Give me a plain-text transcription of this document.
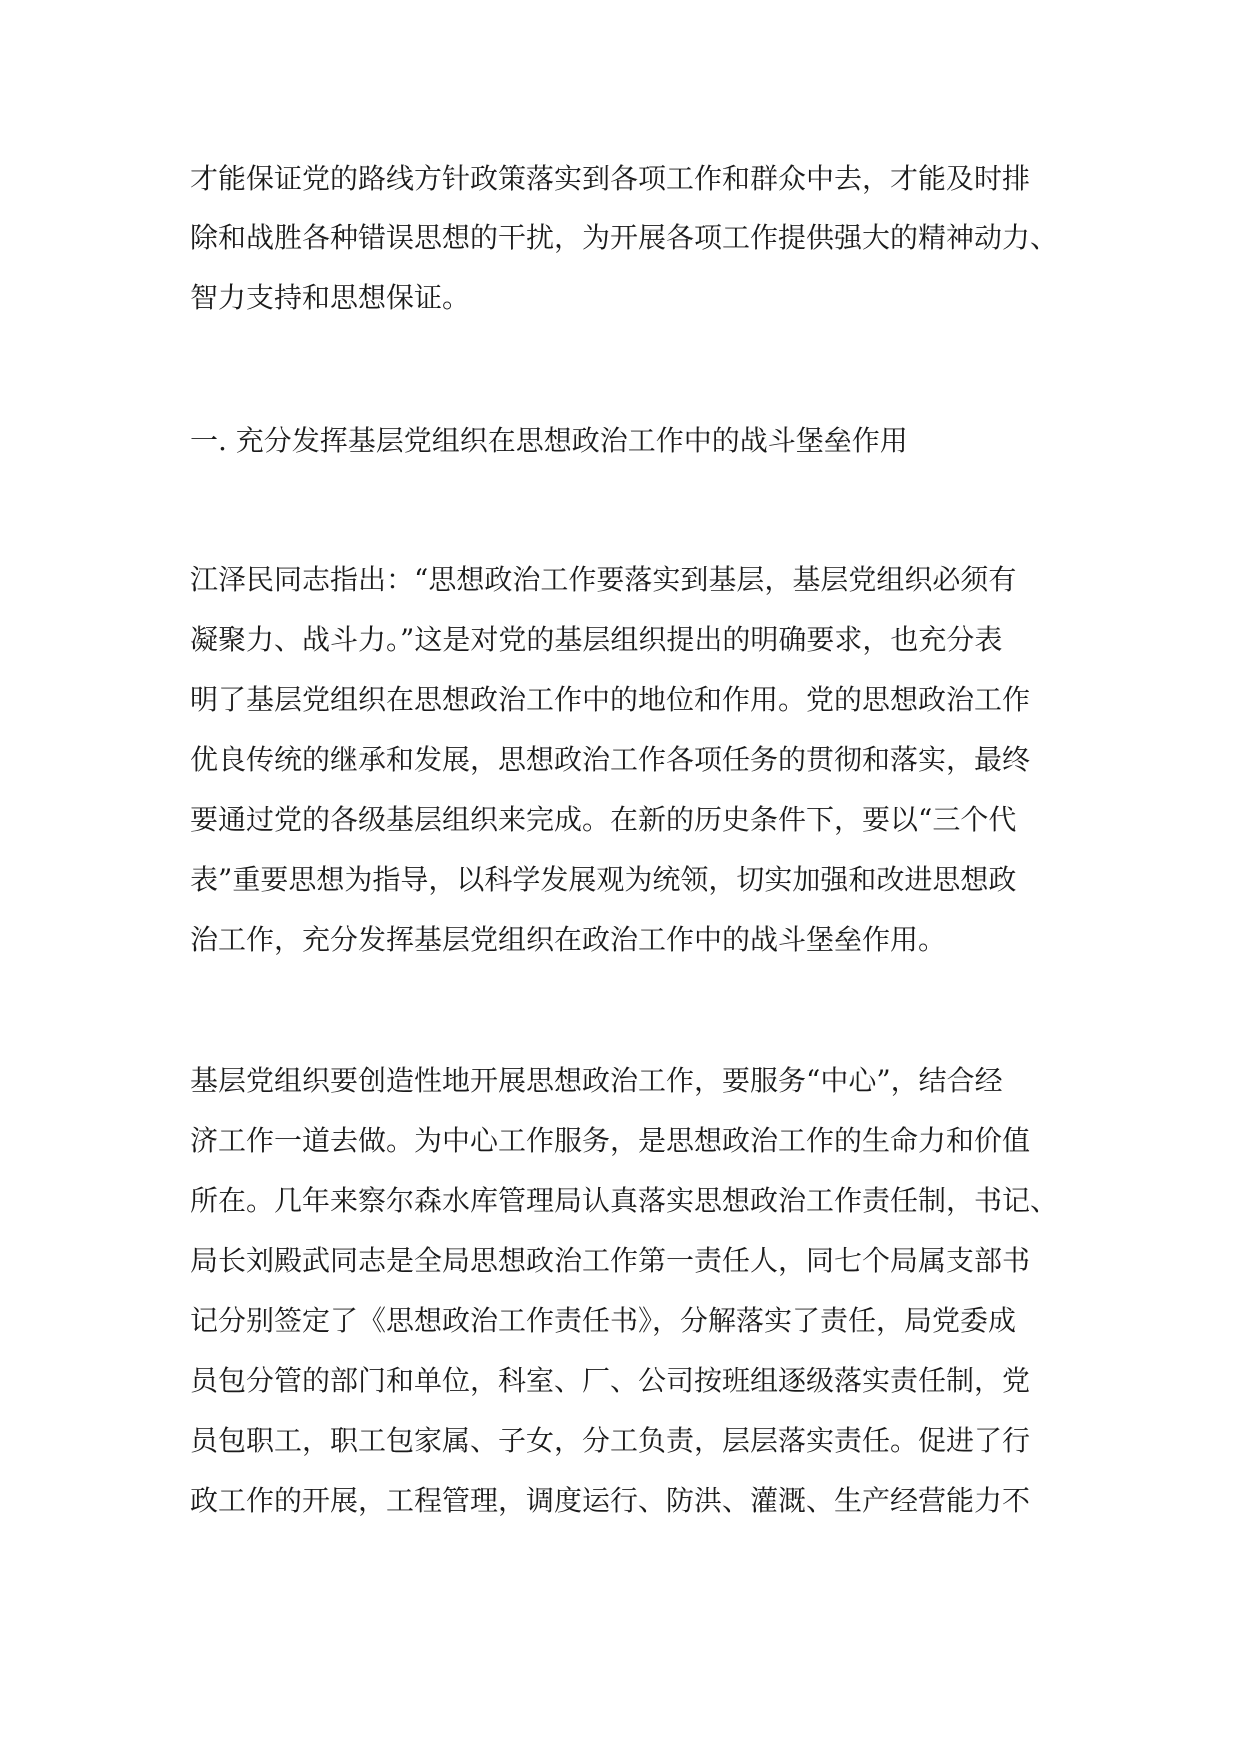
才能保证党的路线方针政策落实到各项工作和群众中去，才能及时排

除和战胜各种错误思想的干扰，为开展各项工作提供强大的精神动力、

智力支持和思想保证。

一. 充分发挥基层党组织在思想政治工作中的战斗堡垒作用

江泽民同志指出：“思想政治工作要落实到基层，基层党组织必须有

凝聚力、战斗力。”这是对党的基层组织提出的明确要求，也充分表

明了基层党组织在思想政治工作中的地位和作用。党的思想政治工作

优良传统的继承和发展，思想政治工作各项任务的贯彻和落实，最终

要通过党的各级基层组织来完成。在新的历史条件下，要以“三个代

表”重要思想为指导，以科学发展观为统领，切实加强和改进思想政

治工作，充分发挥基层党组织在政治工作中的战斗堡垒作用。

基层党组织要创造性地开展思想政治工作，要服务“中心”，结合经

济工作一道去做。为中心工作服务，是思想政治工作的生命力和价值

所在。几年来察尔森水库管理局认真落实思想政治工作责任制，书记、

局长刘殿武同志是全局思想政治工作第一责任人，同七个局属支部书

记分别签定了《思想政治工作责任书》，分解落实了责任，局党委成

员包分管的部门和单位，科室、厂、公司按班组逐级落实责任制，党

员包职工，职工包家属、子女，分工负责，层层落实责任。促进了行

政工作的开展，工程管理，调度运行、防洪、灌溉、生产经营能力不
